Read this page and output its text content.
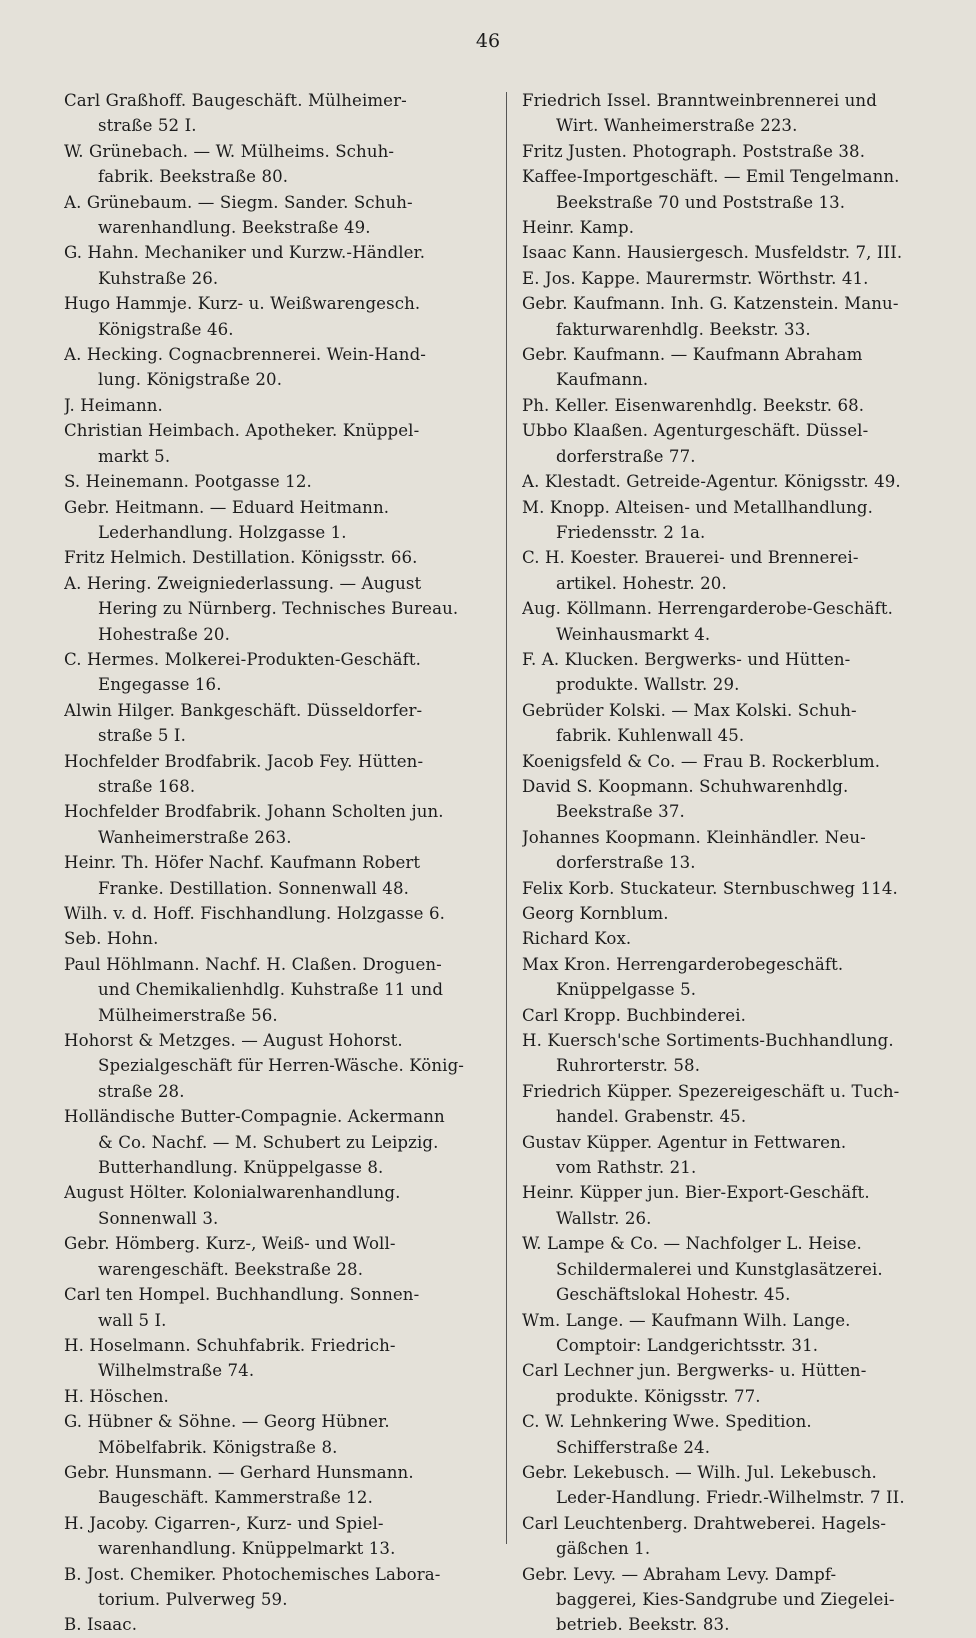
46
Carl Graßhoff. Baugeschäft. Mülheimer-
straße 52 I.
W. Grünebach. — W. Mülheims. Schuh-
fabrik. Beekstraße 80.
A. Grünebaum. — Siegm. Sander. Schuh-
warenhandlung. Beekstraße 49.
G. Hahn. Mechaniker und Kurzw.-Händler.
Kuhstraße 26.
Hugo Hammje. Kurz- u. Weißwarengesch.
Königstraße 46.
A. Hecking. Cognacbrennerei. Wein-Hand-
lung. Königstraße 20.
J. Heimann.
Christian Heimbach. Apotheker. Knüppel-
markt 5.
S. Heinemann. Pootgasse 12.
Gebr. Heitmann. — Eduard Heitmann.
Lederhandlung. Holzgasse 1.
Fritz Helmich. Destillation. Königsstr. 66.
A. Hering. Zweigniederlassung. — August
Hering zu Nürnberg. Technisches Bureau.
Hohestraße 20.
C. Hermes. Molkerei-Produkten-Geschäft.
Engegasse 16.
Alwin Hilger. Bankgeschäft. Düsseldorfer-
straße 5 I.
Hochfelder Brodfabrik. Jacob Fey. Hütten-
straße 168.
Hochfelder Brodfabrik. Johann Scholten jun.
Wanheimerstraße 263.
Heinr. Th. Höfer Nachf. Kaufmann Robert
Franke. Destillation. Sonnenwall 48.
Wilh. v. d. Hoff. Fischhandlung. Holzgasse 6.
Seb. Hohn.
Paul Höhlmann. Nachf. H. Claßen. Droguen-
und Chemikalienhdlg. Kuhstraße 11 und
Mülheimerstraße 56.
Hohorst & Metzges. — August Hohorst.
Spezialgeschäft für Herren-Wäsche. König-
straße 28.
Holländische Butter-Compagnie. Ackermann
& Co. Nachf. — M. Schubert zu Leipzig.
Butterhandlung. Knüppelgasse 8.
August Hölter. Kolonialwarenhandlung.
Sonnenwall 3.
Gebr. Hömberg. Kurz-, Weiß- und Woll-
warengeschäft. Beekstraße 28.
Carl ten Hompel. Buchhandlung. Sonnen-
wall 5 I.
H. Hoselmann. Schuhfabrik. Friedrich-
Wilhelmstraße 74.
H. Höschen.
G. Hübner & Söhne. — Georg Hübner.
Möbelfabrik. Königstraße 8.
Gebr. Hunsmann. — Gerhard Hunsmann.
Baugeschäft. Kammerstraße 12.
H. Jacoby. Cigarren-, Kurz- und Spiel-
warenhandlung. Knüppelmarkt 13.
B. Jost. Chemiker. Photochemisches Labora-
torium. Pulverweg 59.
B. Isaac.
Friedrich Issel. Branntweinbrennerei und
Wirt. Wanheimerstraße 223.
Fritz Justen. Photograph. Poststraße 38.
Kaffee-Importgeschäft. — Emil Tengelmann.
Beekstraße 70 und Poststraße 13.
Heinr. Kamp.
Isaac Kann. Hausiergesch. Musfeldstr. 7, III.
E. Jos. Kappe. Maurermstr. Wörthstr. 41.
Gebr. Kaufmann. Inh. G. Katzenstein. Manu-
fakturwarenhdlg. Beekstr. 33.
Gebr. Kaufmann. — Kaufmann Abraham
Kaufmann.
Ph. Keller. Eisenwarenhdlg. Beekstr. 68.
Ubbo Klaaßen. Agenturgeschäft. Düssel-
dorferstraße 77.
A. Klestadt. Getreide-Agentur. Königsstr. 49.
M. Knopp. Alteisen- und Metallhandlung.
Friedensstr. 2 1a.
C. H. Koester. Brauerei- und Brennerei-
artikel. Hohestr. 20.
Aug. Köllmann. Herrengarderobe-Geschäft.
Weinhausmarkt 4.
F. A. Klucken. Bergwerks- und Hütten-
produkte. Wallstr. 29.
Gebrüder Kolski. — Max Kolski. Schuh-
fabrik. Kuhlenwall 45.
Koenigsfeld & Co. — Frau B. Rockerblum.
David S. Koopmann. Schuhwarenhdlg.
Beekstraße 37.
Johannes Koopmann. Kleinhändler. Neu-
dorferstraße 13.
Felix Korb. Stuckateur. Sternbuschweg 114.
Georg Kornblum.
Richard Kox.
Max Kron. Herrengarderobegeschäft.
Knüppelgasse 5.
Carl Kropp. Buchbinderei.
H. Kuersch'sche Sortiments-Buchhandlung.
Ruhrorterstr. 58.
Friedrich Küpper. Spezereigeschäft u. Tuch-
handel. Grabenstr. 45.
Gustav Küpper. Agentur in Fettwaren.
vom Rathstr. 21.
Heinr. Küpper jun. Bier-Export-Geschäft.
Wallstr. 26.
W. Lampe & Co. — Nachfolger L. Heise.
Schildermalerei und Kunstglasätzerei.
Geschäftslokal Hohestr. 45.
Wm. Lange. — Kaufmann Wilh. Lange.
Comptoir: Landgerichtsstr. 31.
Carl Lechner jun. Bergwerks- u. Hütten-
produkte. Königsstr. 77.
C. W. Lehnkering Wwe. Spedition.
Schifferstraße 24.
Gebr. Lekebusch. — Wilh. Jul. Lekebusch.
Leder-Handlung. Friedr.-Wilhelmstr. 7 II.
Carl Leuchtenberg. Drahtweberei. Hagels-
gäßchen 1.
Gebr. Levy. — Abraham Levy. Dampf-
baggerei, Kies-Sandgrube und Ziegelei-
betrieb. Beekstr. 83.
